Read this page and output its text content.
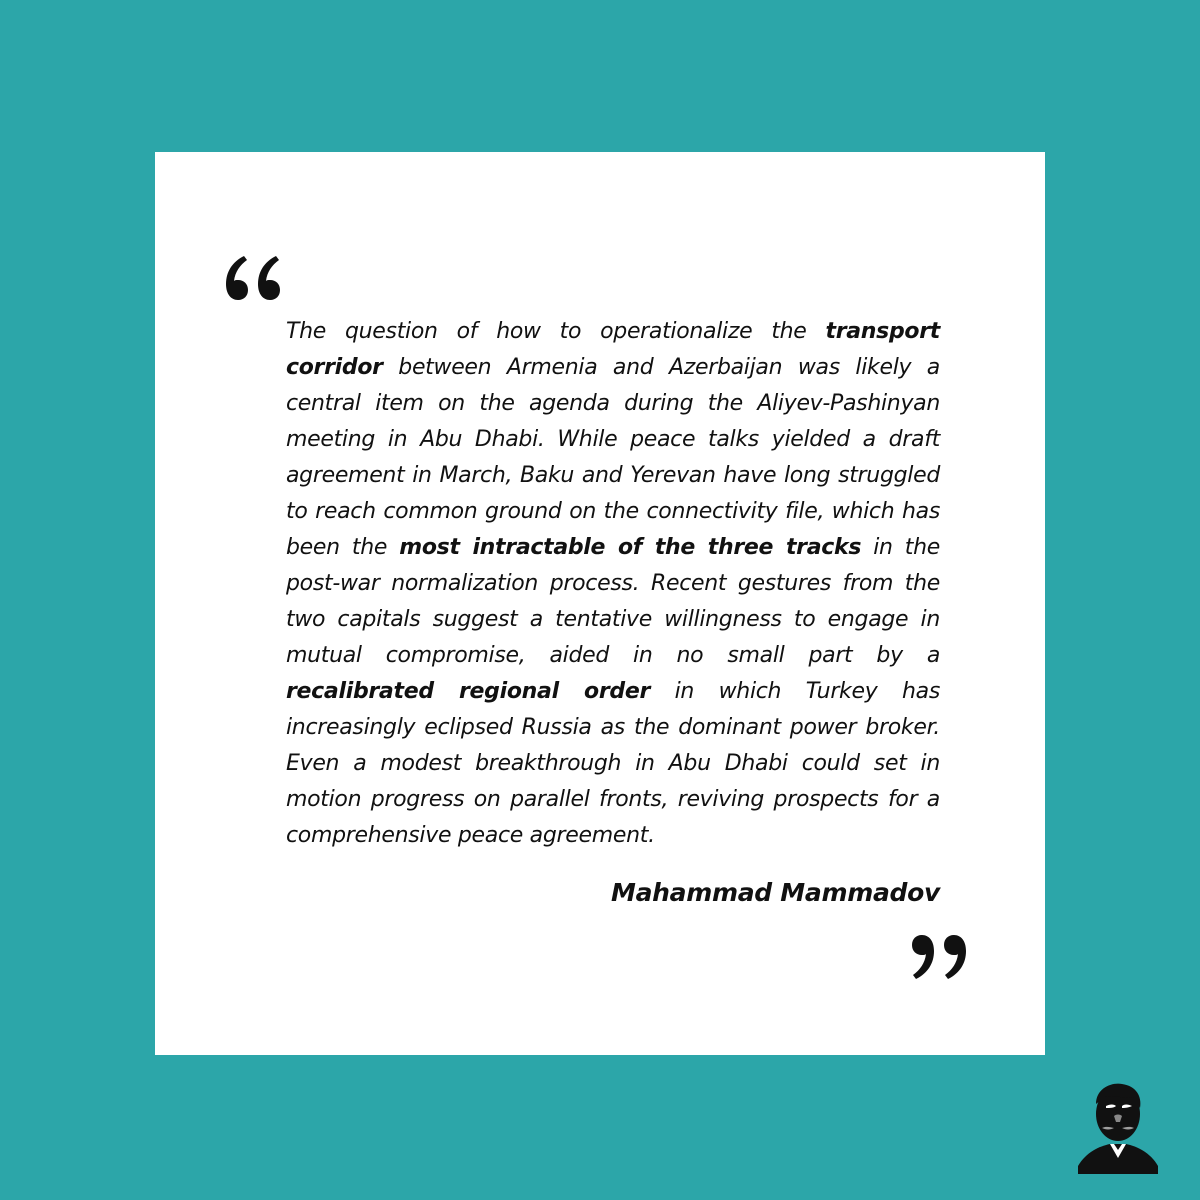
The question of how to operationalize the transport corridor between Armenia and Azerbaijan was likely a central item on the agenda during the Aliyev-Pashinyan meeting in Abu Dhabi. While peace talks yielded a draft agreement in March, Baku and Yerevan have long struggled to reach common ground on the connectivity file, which has been the most intractable of the three tracks in the post-war normalization process. Recent gestures from the two capitals suggest a tentative willingness to engage in mutual compromise, aided in no small part by a recalibrated regional order in which Turkey has increasingly eclipsed Russia as the dominant power broker. Even a modest breakthrough in Abu Dhabi could set in motion progress on parallel fronts, reviving prospects for a comprehensive peace agreement.

Mahammad Mammadov
